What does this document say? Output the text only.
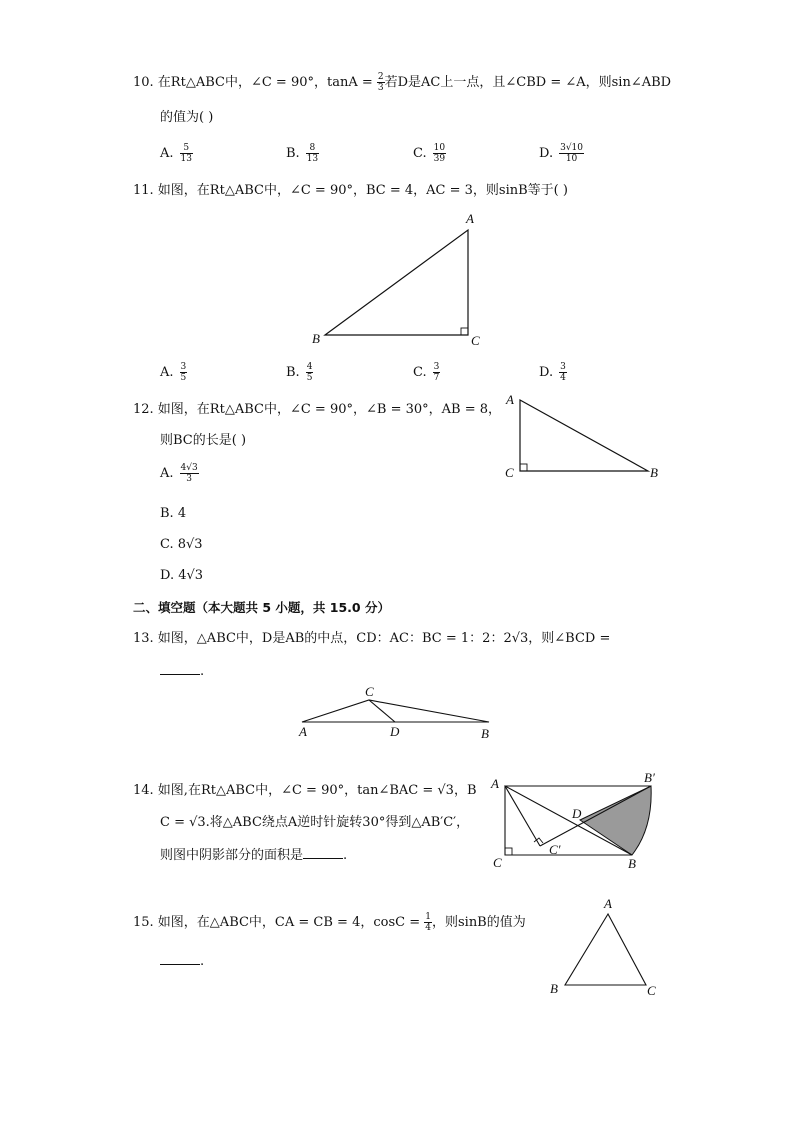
10. 在Rt△ABC中，∠C = 90°，$\tan A = \frac{2}{3}$ 若D是AC上一点，且∠CBD = ∠A，则sin∠ABD
的值为( )
A. $\frac{5}{13}$	B. $\frac{8}{13}$	C. $\frac{10}{39}$	D. $\frac{3√10}{10}$
11. 如图，在Rt△ABC中，∠C = 90°，BC = 4，AC = 3，则sinB等于( )
A
B	C
A. $\frac{3}{5}$	B. $\frac{4}{5}$	C. $\frac{3}{7}$	D. $\frac{3}{4}$
12. 如图，在Rt△ABC中，∠C = 90°，∠B = 30°，AB = 8，
则BC的长是( )
A
C	B
A. $\frac{4√3}{3}$
B. 4
C. 8√3
D. 4√3
二、填空题（本大题共 5 小题，共 15.0 分）
13. 如图，△ABC中，D是AB的中点，CD：AC：BC = 1：2：2√3，则∠BCD =
.
C
A	D	B
14. 如图,在Rt△ABC中，∠C = 90°，tan∠BAC = √3，B
C = √3.将△ABC绕点A逆时针旋转30°得到△AB′C′，
则图中阴影部分的面积是	.
A	B′
D
C′
C	B
15. 如图，在△ABC中，CA = CB = 4，$\cos C = \frac{1}{4}$ ，则sinB的值为
.
A
B	C
